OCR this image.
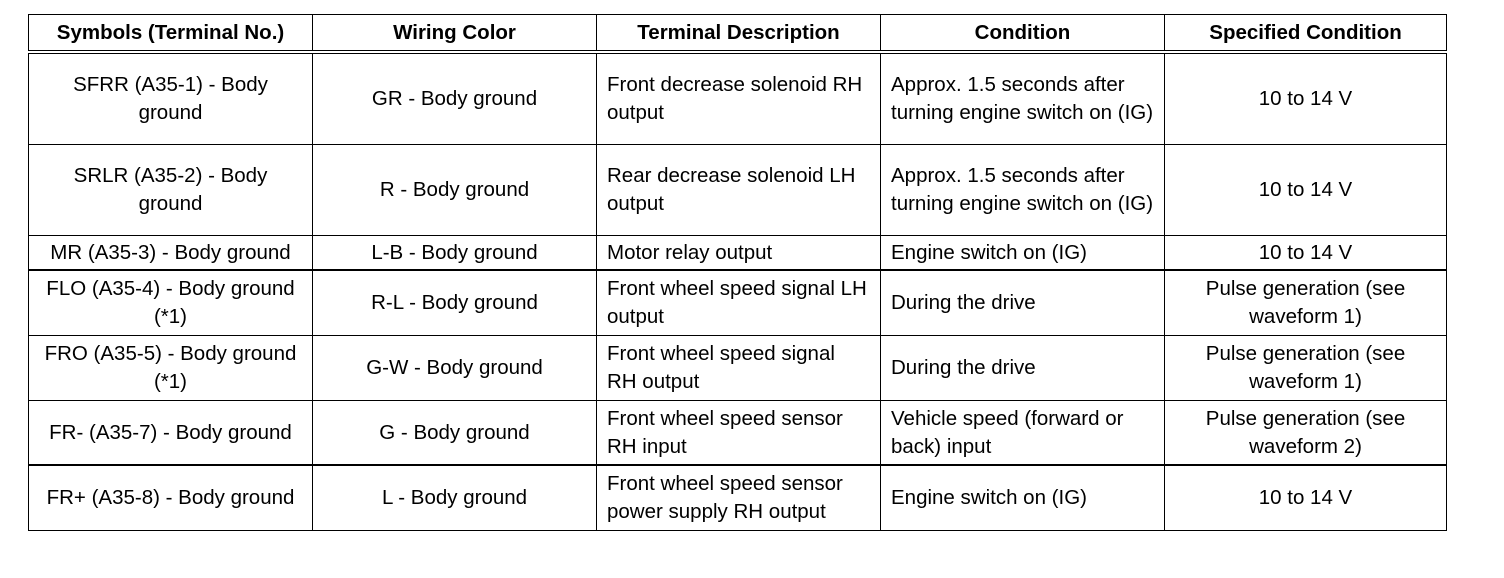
Symbols (Terminal No.)	Wiring Color	Terminal Description	Condition	Specified Condition
SFRR (A35-1) - Body ground	GR - Body ground	Front decrease solenoid RH output	Approx. 1.5 seconds after turning engine switch on (IG)	10 to 14 V
SRLR (A35-2) - Body ground	R - Body ground	Rear decrease solenoid LH output	Approx. 1.5 seconds after turning engine switch on (IG)	10 to 14 V
MR (A35-3) - Body ground	L-B - Body ground	Motor relay output	Engine switch on (IG)	10 to 14 V
FLO (A35-4) - Body ground (*1)	R-L - Body ground	Front wheel speed signal LH output	During the drive	Pulse generation (see waveform 1)
FRO (A35-5) - Body ground (*1)	G-W - Body ground	Front wheel speed signal RH output	During the drive	Pulse generation (see waveform 1)
FR- (A35-7) - Body ground	G - Body ground	Front wheel speed sensor RH input	Vehicle speed (forward or back) input	Pulse generation (see waveform 2)
FR+ (A35-8) - Body ground	L - Body ground	Front wheel speed sensor power supply RH output	Engine switch on (IG)	10 to 14 V
